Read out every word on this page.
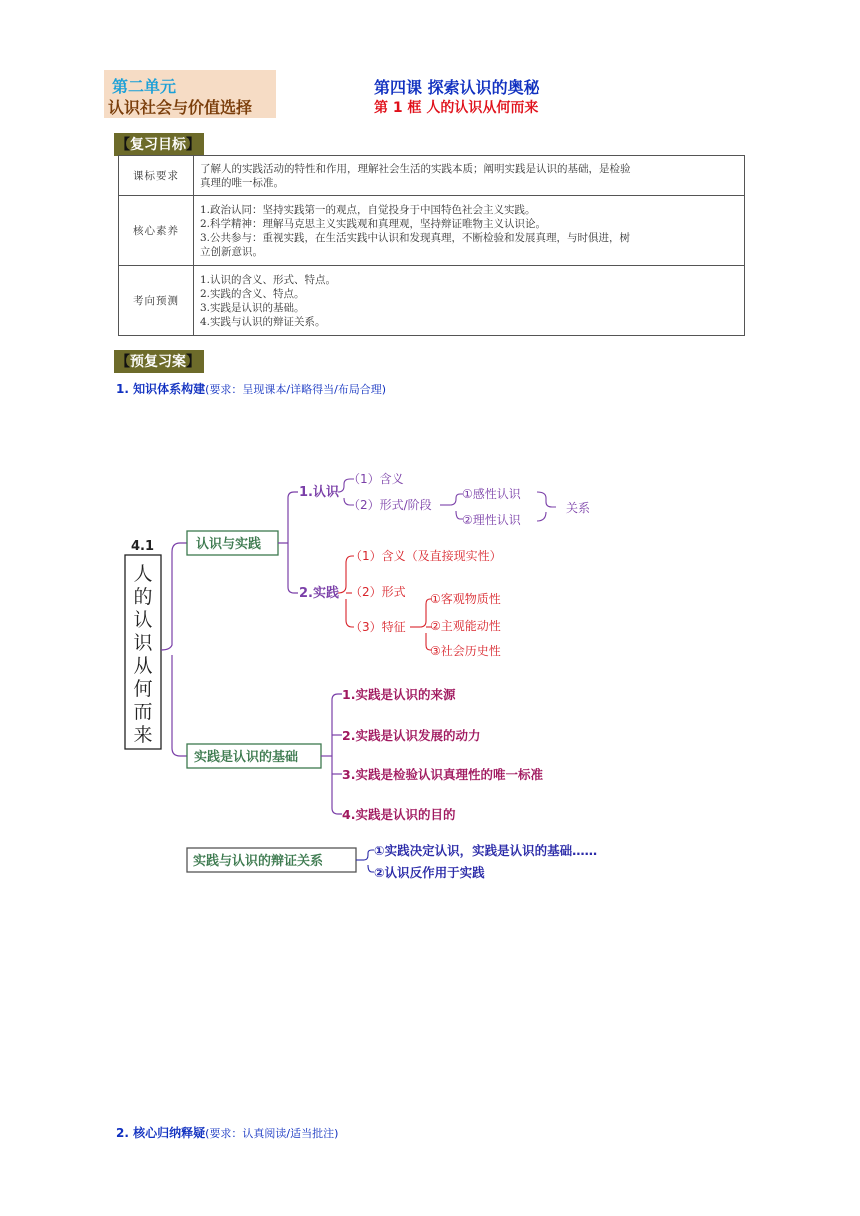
第二单元
认识社会与价值选择
第四课 探索认识的奥秘
第 1 框 人的认识从何而来
【复习目标】
课标要求	了解人的实践活动的特性和作用，理解社会生活的实践本质；阐明实践是认识的基础，是检验
真理的唯一标准。

核心素养	1.政治认同：坚持实践第一的观点，自觉投身于中国特色社会主义实践。
2.科学精神：理解马克思主义实践观和真理观，坚持辩证唯物主义认识论。
3.公共参与：重视实践，在生活实践中认识和发现真理，不断检验和发展真理，与时俱进，树
立创新意识。

考向预测	1.认识的含义、形式、特点。
2.实践的含义、特点。
3.实践是认识的基础。
4.实践与认识的辩证关系。
【预复习案】
1. 知识体系构建(要求：呈现课本/详略得当/布局合理)
4.1
人
的
认
识
从
何
而
来
认识与实践
1.认识
（1）含义
（2）形式/阶段
①感性认识
②理性认识
关系
2.实践
（1）含义（及直接现实性）
（2）形式
（3）特征
①客观物质性
②主观能动性
③社会历史性
实践是认识的基础
1.实践是认识的来源
2.实践是认识发展的动力
3.实践是检验认识真理性的唯一标准
4.实践是认识的目的
实践与认识的辩证关系
①实践决定认识，实践是认识的基础……
②认识反作用于实践
2. 核心归纳释疑(要求：认真阅读/适当批注)
